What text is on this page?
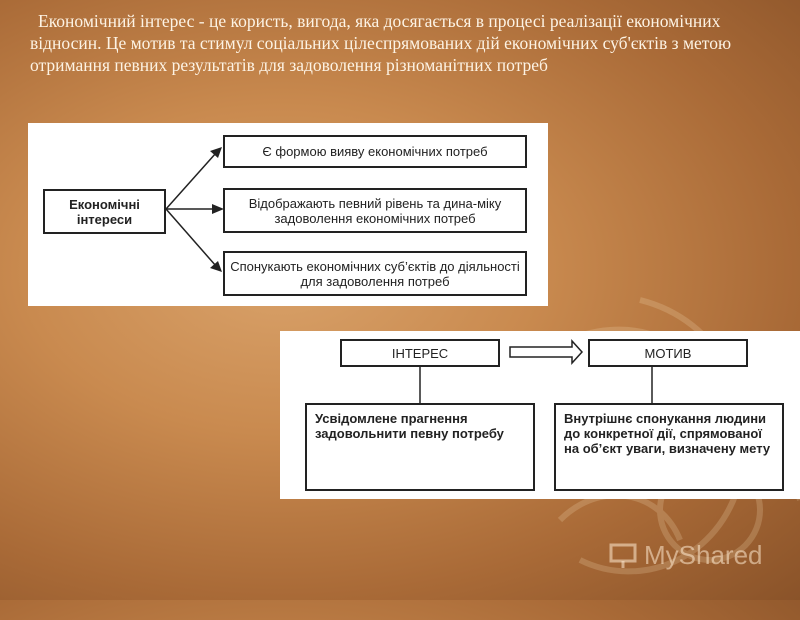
Економічний інтерес - це користь, вигода, яка досягається в процесі реалізації економічних відносин. Це мотив та стимул соціальних цілеспрямованих дій економічних суб'єктів з метою отримання певних результатів для задоволення різноманітних потреб
Економічні інтереси
Є формою вияву економічних потреб
Відображають певний рівень та дина-міку задоволення економічних потреб
Спонукають економічних суб’єктів до діяльності для задоволення потреб
ІНТЕРЕС	МОТИВ
Усвідомлене прагнення задовольнити певну потребу
Внутрішнє спонукання людини до конкретної дії, спрямованої на об’єкт уваги, визначену мету
MyShared
